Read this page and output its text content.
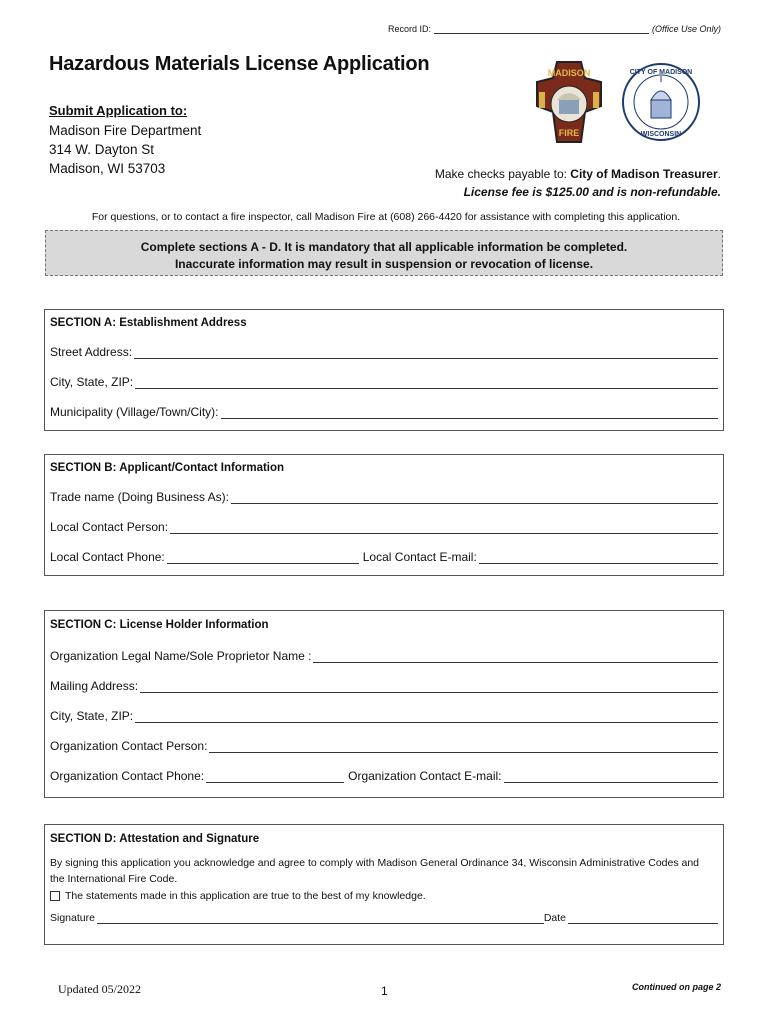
Record ID:	(Office Use Only)
Hazardous Materials License Application
Submit Application to:
Madison Fire Department
314 W. Dayton St
Madison, WI 53703
MADISON
FIRE
CITY OF MADISON
WISCONSIN
Make checks payable to: City of Madison Treasurer.
License fee is $125.00 and is non-refundable.
For questions, or to contact a fire inspector, call Madison Fire at (608) 266-4420 for assistance with completing this application.
Complete sections A - D. It is mandatory that all applicable information be completed.
Inaccurate information may result in suspension or revocation of license.
SECTION A: Establishment Address
Street Address:
City, State, ZIP:
Municipality (Village/Town/City):
SECTION B: Applicant/Contact Information
Trade name (Doing Business As):
Local Contact Person:
Local Contact Phone:	Local Contact E-mail:
SECTION C: License Holder Information
Organization Legal Name/Sole Proprietor Name :
Mailing Address:
City, State, ZIP:
Organization Contact Person:
Organization Contact Phone:	Organization Contact E-mail:
SECTION D: Attestation and Signature
By signing this application you acknowledge and agree to comply with Madison General Ordinance 34, Wisconsin Administrative Codes and the International Fire Code.
The statements made in this application are true to the best of my knowledge.
Signature	Date
Updated 05/2022	1	Continued on page 2
